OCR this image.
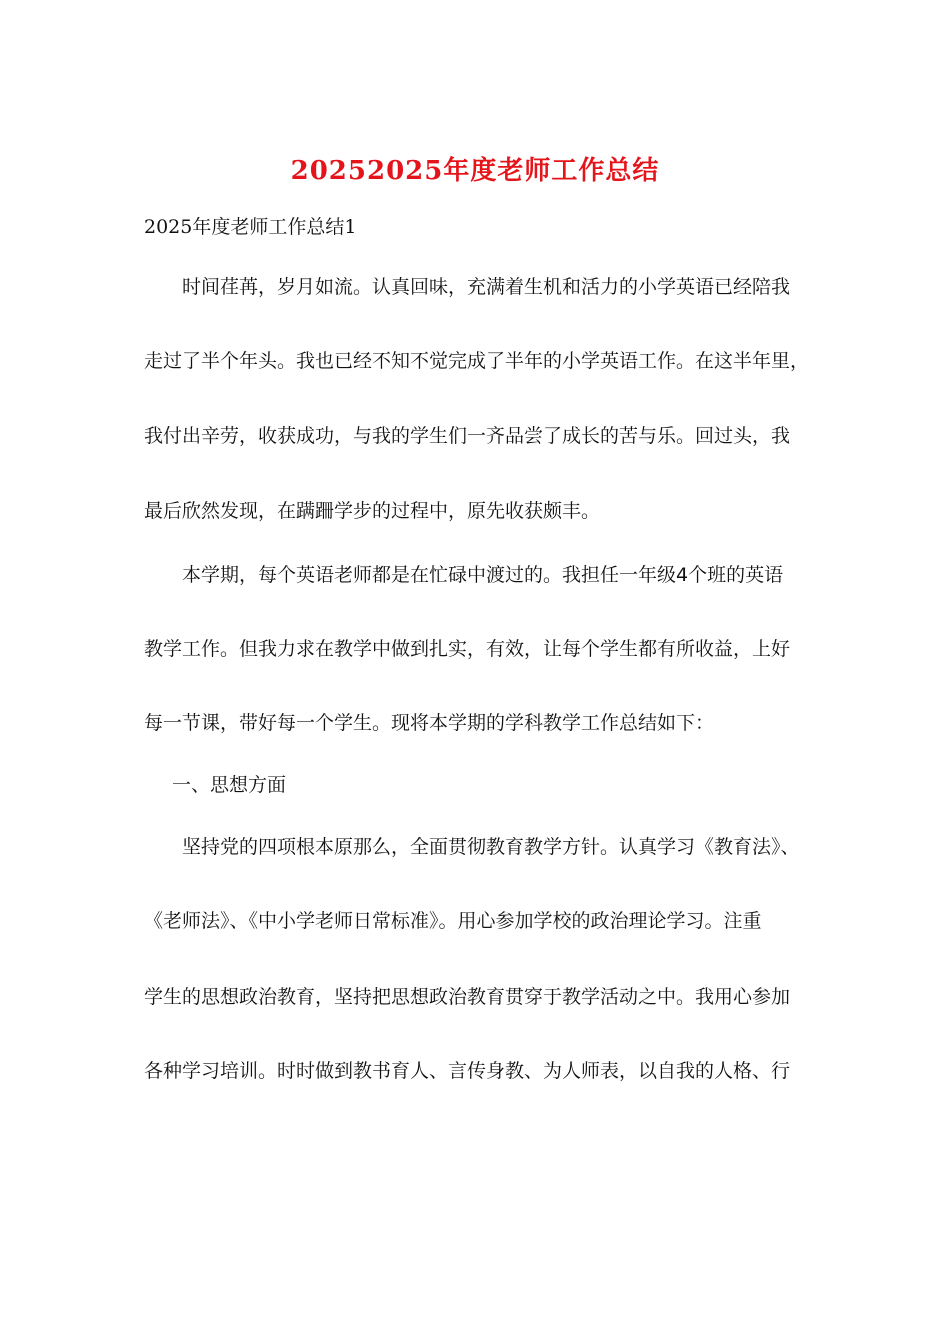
20252025年度老师工作总结
2025年度老师工作总结1
时间荏苒，岁月如流。认真回味，充满着生机和活力的小学英语已经陪我
走过了半个年头。我也已经不知不觉完成了半年的小学英语工作。在这半年里，
我付出辛劳，收获成功，与我的学生们一齐品尝了成长的苦与乐。回过头，我
最后欣然发现，在蹒跚学步的过程中，原先收获颇丰。
本学期，每个英语老师都是在忙碌中渡过的。我担任一年级4个班的英语
教学工作。但我力求在教学中做到扎实，有效，让每个学生都有所收益，上好
每一节课，带好每一个学生。现将本学期的学科教学工作总结如下：
一、思想方面
坚持党的四项根本原那么，全面贯彻教育教学方针。认真学习《教育法》、
《老师法》、《中小学老师日常标准》。用心参加学校的政治理论学习。注重
学生的思想政治教育，坚持把思想政治教育贯穿于教学活动之中。我用心参加
各种学习培训。时时做到教书育人、言传身教、为人师表，以自我的人格、行
